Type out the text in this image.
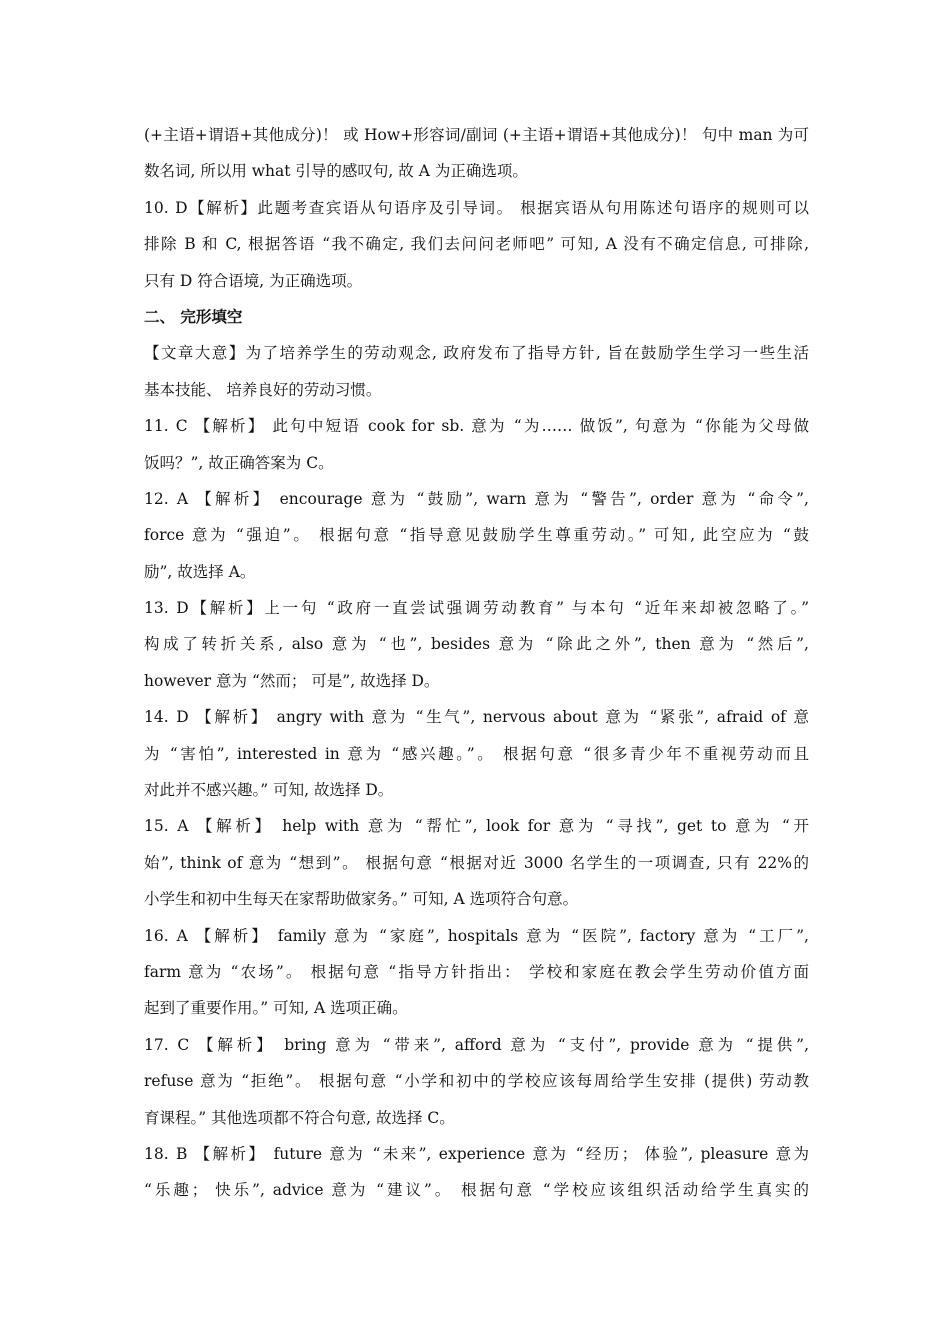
(+主语+谓语+其他成分)！ 或 How+形容词/副词 (+主语+谓语+其他成分)！ 句中 man 为可
数名词, 所以用 what 引导的感叹句, 故 A 为正确选项。
10. D【解析】此题考查宾语从句语序及引导词。 根据宾语从句用陈述句语序的规则可以
排除 B 和 C, 根据答语 “我不确定, 我们去问问老师吧” 可知, A 没有不确定信息, 可排除,
只有 D 符合语境, 为正确选项。
二、 完形填空
【文章大意】为了培养学生的劳动观念, 政府发布了指导方针, 旨在鼓励学生学习一些生活
基本技能、 培养良好的劳动习惯。
11. C 【解析】 此句中短语 cook for sb. 意为 “为…… 做饭”, 句意为 “你能为父母做
饭吗？”, 故正确答案为 C。
12. A 【解析】 encourage 意为 “鼓励”, warn 意为 “警告”, order 意为 “命令”,
force 意为 “强迫”。 根据句意 “指导意见鼓励学生尊重劳动。” 可知, 此空应为 “鼓
励”, 故选择 A。
13. D【解析】上一句 “政府一直尝试强调劳动教育” 与本句 “近年来却被忽略了。”
构成了转折关系, also 意为 “也”, besides 意为 “除此之外”, then 意为 “然后”,
however 意为 “然而； 可是”, 故选择 D。
14. D 【解析】 angry with 意为 “生气”, nervous about 意为 “紧张”, afraid of 意
为 “害怕”, interested in 意为 “感兴趣。”。 根据句意 “很多青少年不重视劳动而且
对此并不感兴趣。” 可知, 故选择 D。
15. A 【解析】 help with 意为 “帮忙”, look for 意为 “寻找”, get to 意为 “开
始”, think of 意为 “想到”。 根据句意 “根据对近 3000 名学生的一项调查, 只有 22%的
小学生和初中生每天在家帮助做家务。” 可知, A 选项符合句意。
16. A 【解析】 family 意为 “家庭”, hospitals 意为 “医院”, factory 意为 “工厂”,
farm 意为 “农场”。 根据句意 “指导方针指出： 学校和家庭在教会学生劳动价值方面
起到了重要作用。” 可知, A 选项正确。
17. C 【解析】 bring 意为 “带来”, afford 意为 “支付”, provide 意为 “提供”,
refuse 意为 “拒绝”。 根据句意 “小学和初中的学校应该每周给学生安排 (提供) 劳动教
育课程。” 其他选项都不符合句意, 故选择 C。
18. B 【解析】 future 意为 “未来”, experience 意为 “经历； 体验”, pleasure 意为
“乐趣； 快乐”, advice 意为 “建议”。 根据句意 “学校应该组织活动给学生真实的
